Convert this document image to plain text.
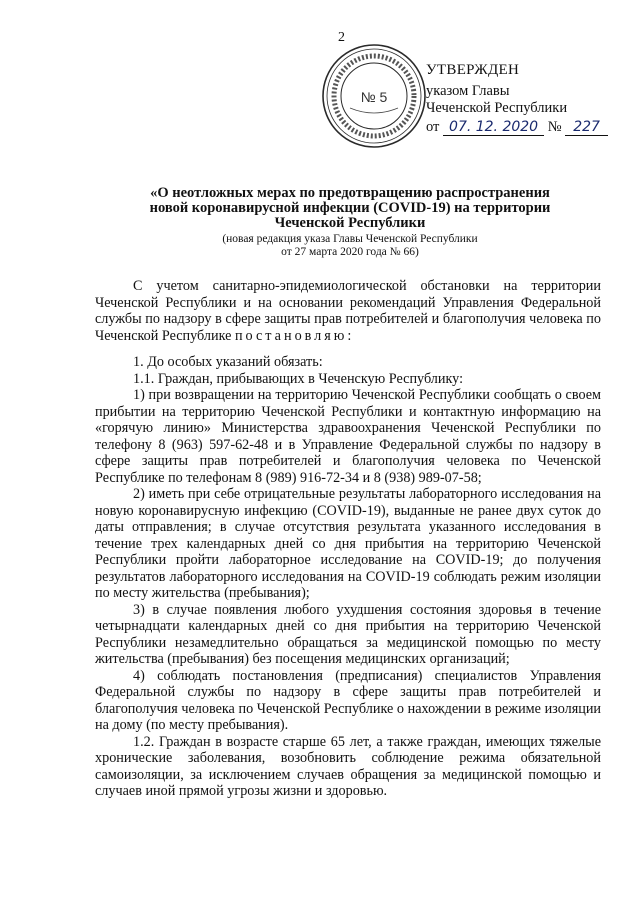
2
№ 5
УТВЕРЖДЕН
указом Главы
Чеченской Республики
от 07. 12. 2020 № 227
«О неотложных мерах по предотвращению распространения
новой коронавирусной инфекции (COVID-19) на территории
Чеченской Республики
(новая редакция указа Главы Чеченской Республики
от 27 марта 2020 года № 66)

С учетом санитарно-эпидемиологической обстановки на территории Чеченской Республики и на основании рекомендаций Управления Федеральной службы по надзору в сфере защиты прав потребителей и благополучия человека по Чеченской Республике постановляю:

1. До особых указаний обязать:

1.1. Граждан, прибывающих в Чеченскую Республику:

1) при возвращении на территорию Чеченской Республики сообщать о своем прибытии на территорию Чеченской Республики и контактную информацию на «горячую линию» Министерства здравоохранения Чеченской Республики по телефону 8 (963) 597-62-48 и в Управление Федеральной службы по надзору в сфере защиты прав потребителей и благополучия человека по Чеченской Республике по телефонам 8 (989) 916-72-34 и 8 (938) 989-07-58;

2) иметь при себе отрицательные результаты лабораторного исследования на новую коронавирусную инфекцию (COVID-19), выданные не ранее двух суток до даты отправления; в случае отсутствия результата указанного исследования в течение трех календарных дней со дня прибытия на территорию Чеченской Республики пройти лабораторное исследование на COVID-19; до получения результатов лабораторного исследования на COVID-19 соблюдать режим изоляции по месту жительства (пребывания);

3) в случае появления любого ухудшения состояния здоровья в течение четырнадцати календарных дней со дня прибытия на территорию Чеченской Республики незамедлительно обращаться за медицинской помощью по месту жительства (пребывания) без посещения медицинских организаций;

4) соблюдать постановления (предписания) специалистов Управления Федеральной службы по надзору в сфере защиты прав потребителей и благополучия человека по Чеченской Республике о нахождении в режиме изоляции на дому (по месту пребывания).

1.2. Граждан в возрасте старше 65 лет, а также граждан, имеющих тяжелые хронические заболевания, возобновить соблюдение режима обязательной самоизоляции, за исключением случаев обращения за медицинской помощью и случаев иной прямой угрозы жизни и здоровью.
